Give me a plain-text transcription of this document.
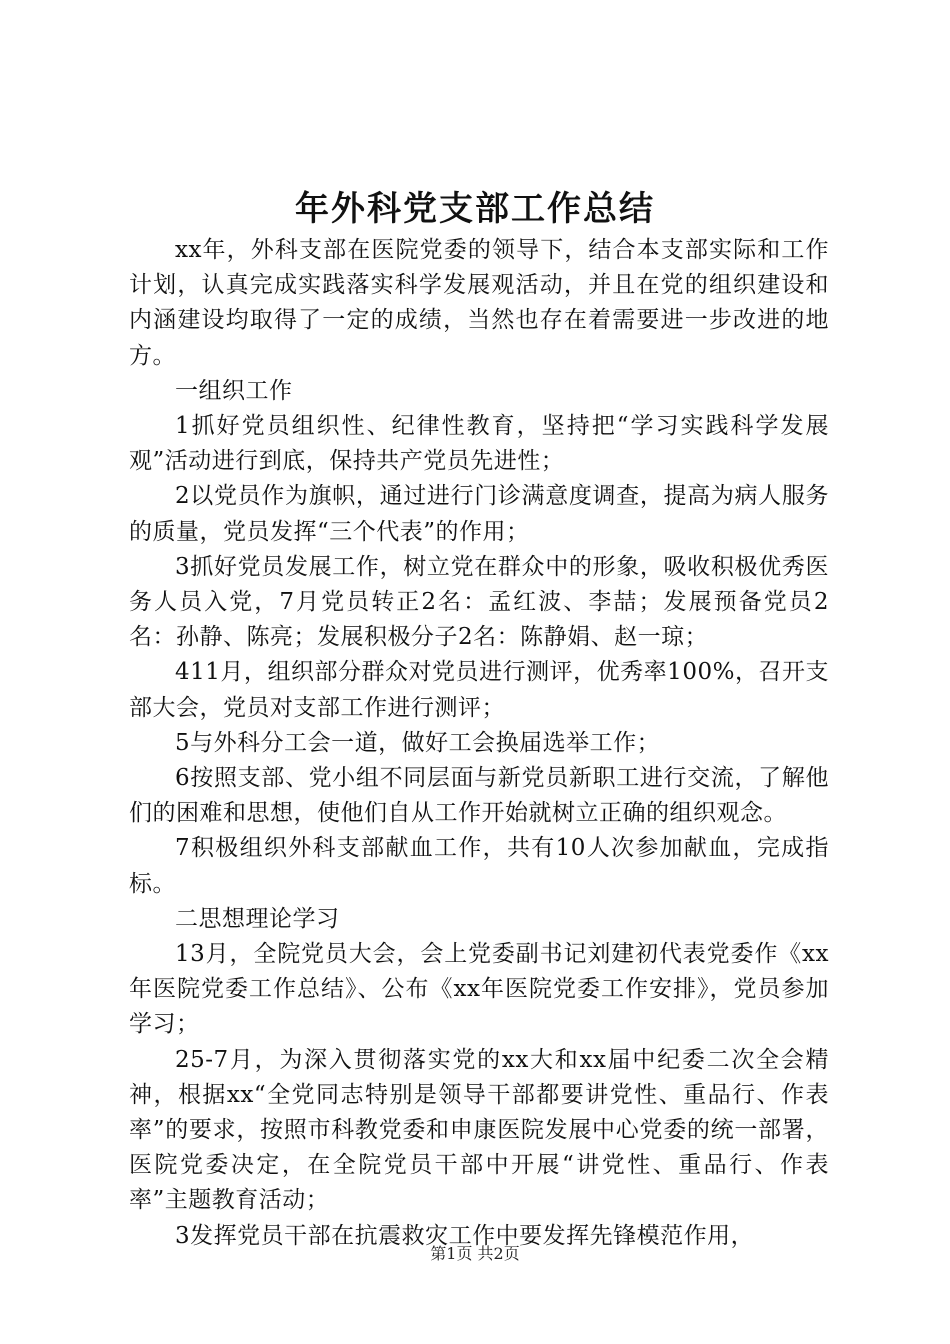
年外科党支部工作总结

xx年，外科支部在医院党委的领导下，结合本支部实际和工作计划，认真完成实践落实科学发展观活动，并且在党的组织建设和内涵建设均取得了一定的成绩，当然也存在着需要进一步改进的地方。

一组织工作

1抓好党员组织性、纪律性教育，坚持把“学习实践科学发展观”活动进行到底，保持共产党员先进性；

2以党员作为旗帜，通过进行门诊满意度调查，提高为病人服务的质量，党员发挥“三个代表”的作用；

3抓好党员发展工作，树立党在群众中的形象，吸收积极优秀医务人员入党，7月党员转正2名：孟红波、李喆；发展预备党员2名：孙静、陈亮；发展积极分子2名：陈静娟、赵一琼；

411月，组织部分群众对党员进行测评，优秀率100%，召开支部大会，党员对支部工作进行测评；

5与外科分工会一道，做好工会换届选举工作；

6按照支部、党小组不同层面与新党员新职工进行交流，了解他们的困难和思想，使他们自从工作开始就树立正确的组织观念。

7积极组织外科支部献血工作，共有10人次参加献血，完成指标。

二思想理论学习

13月，全院党员大会，会上党委副书记刘建初代表党委作《xx年医院党委工作总结》、公布《xx年医院党委工作安排》，党员参加学习；

25-7月，为深入贯彻落实党的xx大和xx届中纪委二次全会精神，根据xx“全党同志特别是领导干部都要讲党性、重品行、作表率”的要求，按照市科教党委和申康医院发展中心党委的统一部署，医院党委决定，在全院党员干部中开展“讲党性、重品行、作表率”主题教育活动；

3发挥党员干部在抗震救灾工作中要发挥先锋模范作用，

第1页 共2页
